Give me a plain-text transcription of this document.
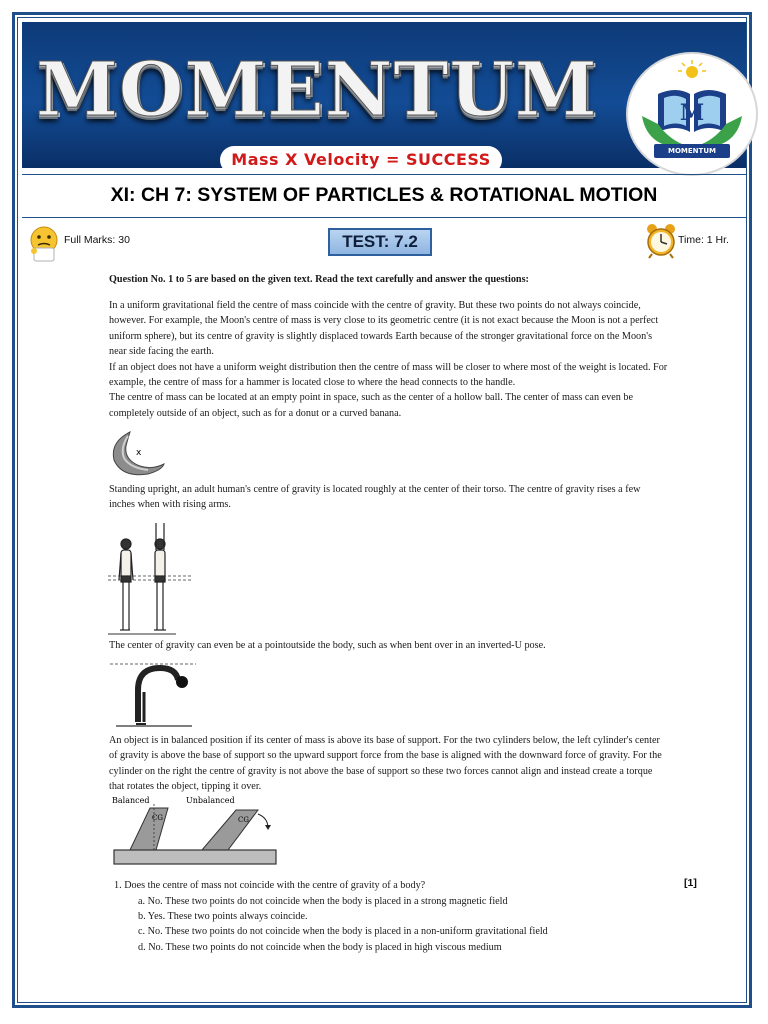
MOMENTUM
Mass X Velocity = SUCCESS
M
MOMENTUM
XI: CH 7: SYSTEM OF PARTICLES & ROTATIONAL MOTION
Full Marks: 30	TEST: 7.2	Time: 1 Hr.
Question No. 1 to 5 are based on the given text. Read the text carefully and answer the questions:
In a uniform gravitational field the centre of mass coincide with the centre of gravity. But these two points do not always coincide, however. For example, the Moon's centre of mass is very close to its geometric centre (it is not exact because the Moon is not a perfect uniform sphere), but its centre of gravity is slightly displaced towards Earth because of the stronger gravitational force on the Moon's near side facing the earth.
If an object does not have a uniform weight distribution then the centre of mass will be closer to where most of the weight is located. For example, the centre of mass for a hammer is located close to where the head connects to the handle.
The centre of mass can be located at an empty point in space, such as the center of a hollow ball. The center of mass can even be completely outside of an object, such as for a donut or a curved banana.
x
Standing upright, an adult human's centre of gravity is located roughly at the center of their torso. The centre of gravity rises a few inches when with rising arms.
The center of gravity can even be at a pointoutside the body, such as when bent over in an inverted-U pose.
An object is in balanced position if its center of mass is above its base of support. For the two cylinders below, the left cylinder's center of gravity is above the base of support so the upward support force from the base is aligned with the downward force of gravity. For the cylinder on the right the centre of gravity is not above the base of support so these two forces cannot align and instead create a torque that rotates the object, tipping it over.
Balanced	Unbalanced
CG	CG
1. Does the centre of mass not coincide with the centre of gravity of a body?	[1]
a. No. These two points do not coincide when the body is placed in a strong magnetic field
b. Yes. These two points always coincide.
c. No. These two points do not coincide when the body is placed in a non-uniform gravitational field
d. No. These two points do not coincide when the body is placed in high viscous medium
